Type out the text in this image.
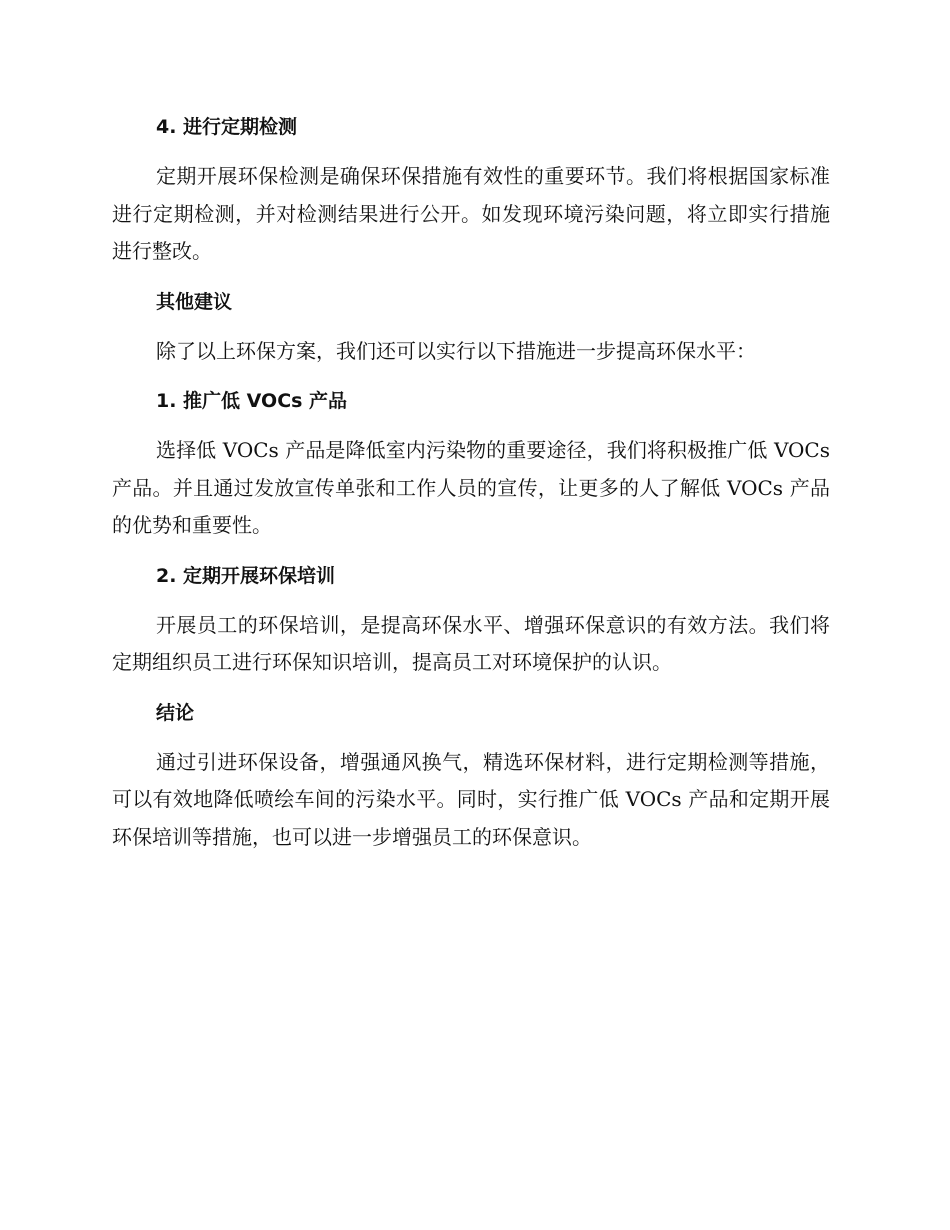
4. 进行定期检测

定期开展环保检测是确保环保措施有效性的重要环节。我们将根据国家标准进行定期检测，并对检测结果进行公开。如发现环境污染问题，将立即实行措施进行整改。

其他建议

除了以上环保方案，我们还可以实行以下措施进一步提高环保水平：

1. 推广低 VOCs 产品

选择低 VOCs 产品是降低室内污染物的重要途径，我们将积极推广低 VOCs 产品。并且通过发放宣传单张和工作人员的宣传，让更多的人了解低 VOCs 产品的优势和重要性。

2. 定期开展环保培训

开展员工的环保培训，是提高环保水平、增强环保意识的有效方法。我们将定期组织员工进行环保知识培训，提高员工对环境保护的认识。

结论

通过引进环保设备，增强通风换气，精选环保材料，进行定期检测等措施，可以有效地降低喷绘车间的污染水平。同时，实行推广低 VOCs 产品和定期开展环保培训等措施，也可以进一步增强员工的环保意识。
